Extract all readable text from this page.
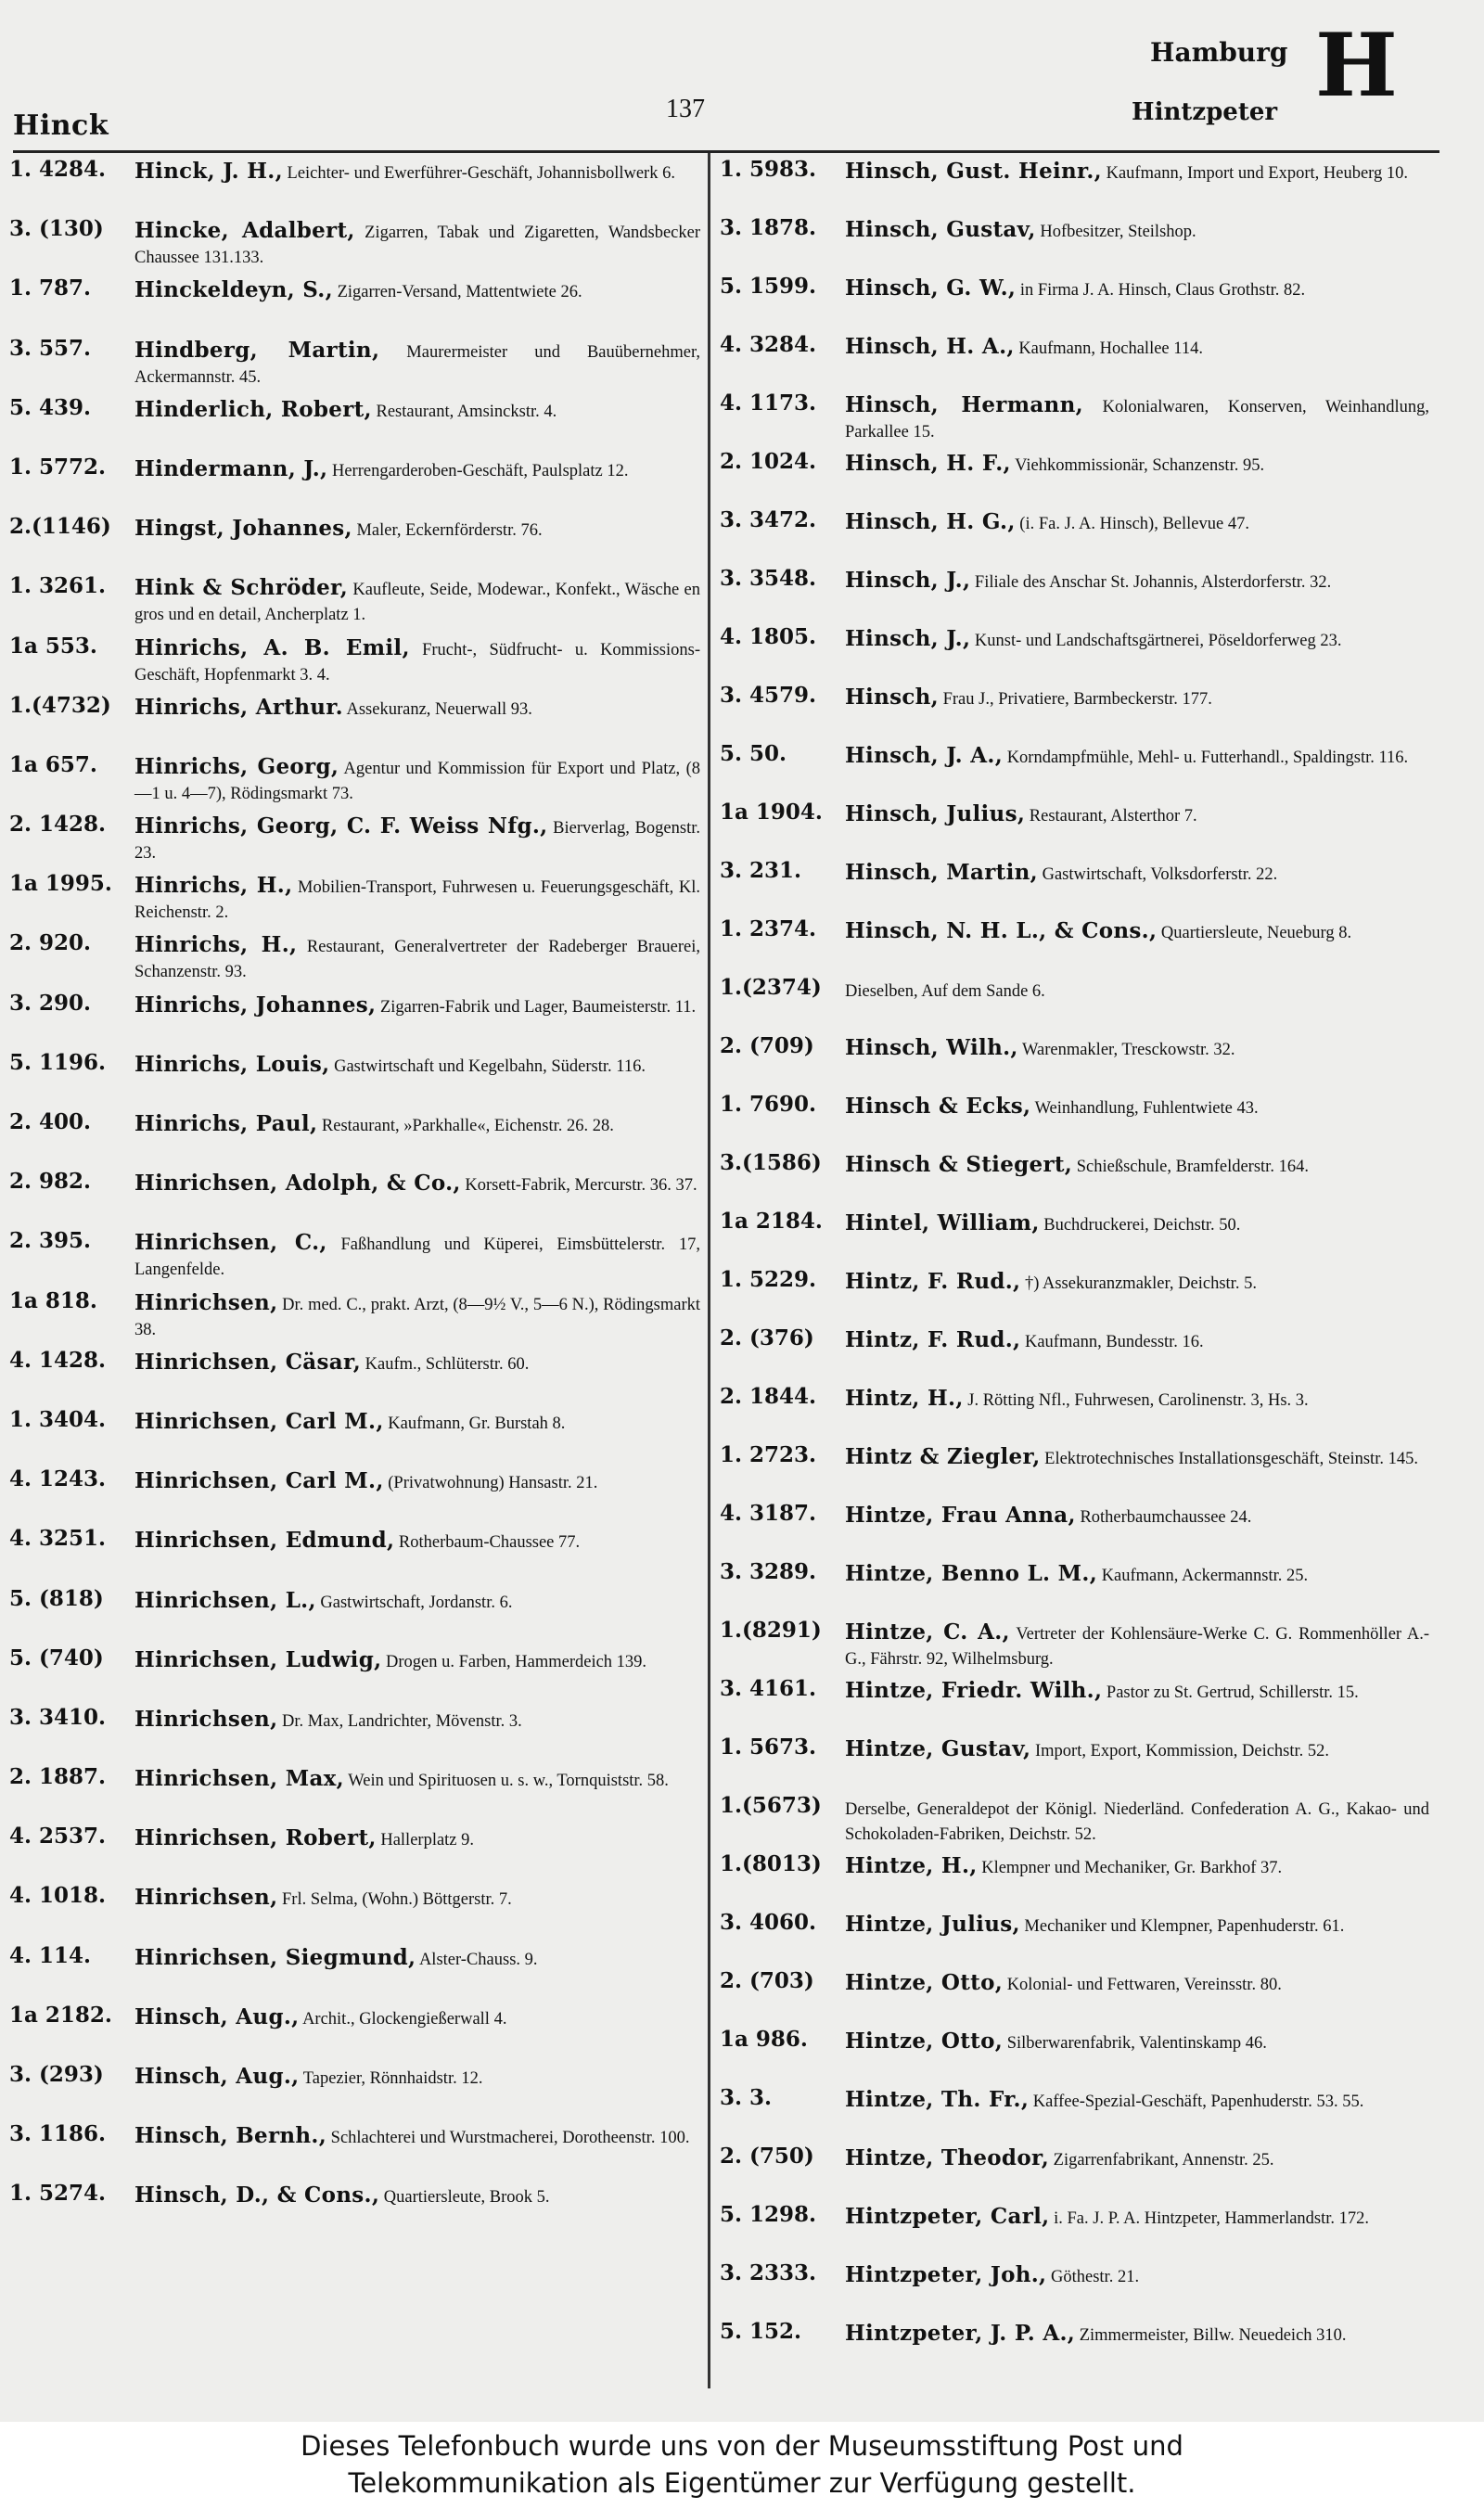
Hinck
137
Hamburg H
Hintzpeter
1. 4284.	Hinck, J. H., Leichter- und Ewerführer-Geschäft, Johannisbollwerk 6.
3. (130)	Hincke, Adalbert, Zigarren, Tabak und Zigaretten, Wandsbecker Chaussee 131.133.
1. 787.	Hinckeldeyn, S., Zigarren-Versand, Mattentwiete 26.
3. 557.	Hindberg, Martin, Maurermeister und Bauübernehmer, Ackermannstr. 45.
5. 439.	Hinderlich, Robert, Restaurant, Amsinckstr. 4.
1. 5772.	Hindermann, J., Herrengarderoben-Geschäft, Paulsplatz 12.
2.(1146)	Hingst, Johannes, Maler, Eckernförderstr. 76.
1. 3261.	Hink & Schröder, Kaufleute, Seide, Modewar., Konfekt., Wäsche en gros und en detail, Ancherplatz 1.
1a 553.	Hinrichs, A. B. Emil, Frucht-, Südfrucht- u. Kommissions-Geschäft, Hopfenmarkt 3. 4.
1.(4732)	Hinrichs, Arthur. Assekuranz, Neuerwall 93.
1a 657.	Hinrichs, Georg, Agentur und Kommission für Export und Platz, (8—1 u. 4—7), Rödingsmarkt 73.
2. 1428.	Hinrichs, Georg, C. F. Weiss Nfg., Bierverlag, Bogenstr. 23.
1a 1995.	Hinrichs, H., Mobilien-Transport, Fuhrwesen u. Feuerungsgeschäft, Kl. Reichenstr. 2.
2. 920.	Hinrichs, H., Restaurant, Generalvertreter der Radeberger Brauerei, Schanzenstr. 93.
3. 290.	Hinrichs, Johannes, Zigarren-Fabrik und Lager, Baumeisterstr. 11.
5. 1196.	Hinrichs, Louis, Gastwirtschaft und Kegelbahn, Süderstr. 116.
2. 400.	Hinrichs, Paul, Restaurant, »Parkhalle«, Eichenstr. 26. 28.
2. 982.	Hinrichsen, Adolph, & Co., Korsett-Fabrik, Mercurstr. 36. 37.
2. 395.	Hinrichsen, C., Faßhandlung und Küperei, Eimsbüttelerstr. 17, Langenfelde.
1a 818.	Hinrichsen, Dr. med. C., prakt. Arzt, (8—9½ V., 5—6 N.), Rödingsmarkt 38.
4. 1428.	Hinrichsen, Cäsar, Kaufm., Schlüterstr. 60.
1. 3404.	Hinrichsen, Carl M., Kaufmann, Gr. Burstah 8.
4. 1243.	Hinrichsen, Carl M., (Privatwohnung) Hansastr. 21.
4. 3251.	Hinrichsen, Edmund, Rotherbaum-Chaussee 77.
5. (818)	Hinrichsen, L., Gastwirtschaft, Jordanstr. 6.
5. (740)	Hinrichsen, Ludwig, Drogen u. Farben, Hammerdeich 139.
3. 3410.	Hinrichsen, Dr. Max, Landrichter, Mövenstr. 3.
2. 1887.	Hinrichsen, Max, Wein und Spirituosen u. s. w., Tornquiststr. 58.
4. 2537.	Hinrichsen, Robert, Hallerplatz 9.
4. 1018.	Hinrichsen, Frl. Selma, (Wohn.) Böttgerstr. 7.
4. 114.	Hinrichsen, Siegmund, Alster-Chauss. 9.
1a 2182.	Hinsch, Aug., Archit., Glockengießerwall 4.
3. (293)	Hinsch, Aug., Tapezier, Rönnhaidstr. 12.
3. 1186.	Hinsch, Bernh., Schlachterei und Wurstmacherei, Dorotheenstr. 100.
1. 5274.	Hinsch, D., & Cons., Quartiersleute, Brook 5.
1. 5983.	Hinsch, Gust. Heinr., Kaufmann, Import und Export, Heuberg 10.
3. 1878.	Hinsch, Gustav, Hofbesitzer, Steilshop.
5. 1599.	Hinsch, G. W., in Firma J. A. Hinsch, Claus Grothstr. 82.
4. 3284.	Hinsch, H. A., Kaufmann, Hochallee 114.
4. 1173.	Hinsch, Hermann, Kolonialwaren, Konserven, Weinhandlung, Parkallee 15.
2. 1024.	Hinsch, H. F., Viehkommissionär, Schanzenstr. 95.
3. 3472.	Hinsch, H. G., (i. Fa. J. A. Hinsch), Bellevue 47.
3. 3548.	Hinsch, J., Filiale des Anschar St. Johannis, Alsterdorferstr. 32.
4. 1805.	Hinsch, J., Kunst- und Landschaftsgärtnerei, Pöseldorferweg 23.
3. 4579.	Hinsch, Frau J., Privatiere, Barmbeckerstr. 177.
5. 50.	Hinsch, J. A., Korndampfmühle, Mehl- u. Futterhandl., Spaldingstr. 116.
1a 1904.	Hinsch, Julius, Restaurant, Alsterthor 7.
3. 231.	Hinsch, Martin, Gastwirtschaft, Volksdorferstr. 22.
1. 2374.	Hinsch, N. H. L., & Cons., Quartiersleute, Neueburg 8.
1.(2374)	Dieselben, Auf dem Sande 6.
2. (709)	Hinsch, Wilh., Warenmakler, Tresckowstr. 32.
1. 7690.	Hinsch & Ecks, Weinhandlung, Fuhlentwiete 43.
3.(1586)	Hinsch & Stiegert, Schießschule, Bramfelderstr. 164.
1a 2184.	Hintel, William, Buchdruckerei, Deichstr. 50.
1. 5229.	Hintz, F. Rud., †) Assekuranzmakler, Deichstr. 5.
2. (376)	Hintz, F. Rud., Kaufmann, Bundesstr. 16.
2. 1844.	Hintz, H., J. Rötting Nfl., Fuhrwesen, Carolinenstr. 3, Hs. 3.
1. 2723.	Hintz & Ziegler, Elektrotechnisches Installationsgeschäft, Steinstr. 145.
4. 3187.	Hintze, Frau Anna, Rotherbaumchaussee 24.
3. 3289.	Hintze, Benno L. M., Kaufmann, Ackermannstr. 25.
1.(8291)	Hintze, C. A., Vertreter der Kohlensäure-Werke C. G. Rommenhöller A.-G., Fährstr. 92, Wilhelmsburg.
3. 4161.	Hintze, Friedr. Wilh., Pastor zu St. Gertrud, Schillerstr. 15.
1. 5673.	Hintze, Gustav, Import, Export, Kommission, Deichstr. 52.
1.(5673)	Derselbe, Generaldepot der Königl. Niederländ. Confederation A. G., Kakao- und Schokoladen-Fabriken, Deichstr. 52.
1.(8013)	Hintze, H., Klempner und Mechaniker, Gr. Barkhof 37.
3. 4060.	Hintze, Julius, Mechaniker und Klempner, Papenhuderstr. 61.
2. (703)	Hintze, Otto, Kolonial- und Fettwaren, Vereinsstr. 80.
1a 986.	Hintze, Otto, Silberwarenfabrik, Valentinskamp 46.
3. 3.	Hintze, Th. Fr., Kaffee-Spezial-Geschäft, Papenhuderstr. 53. 55.
2. (750)	Hintze, Theodor, Zigarrenfabrikant, Annenstr. 25.
5. 1298.	Hintzpeter, Carl, i. Fa. J. P. A. Hintzpeter, Hammerlandstr. 172.
3. 2333.	Hintzpeter, Joh., Göthestr. 21.
5. 152.	Hintzpeter, J. P. A., Zimmermeister, Billw. Neuedeich 310.
Dieses Telefonbuch wurde uns von der Museumsstiftung Post und
Telekommunikation als Eigentümer zur Verfügung gestellt.
